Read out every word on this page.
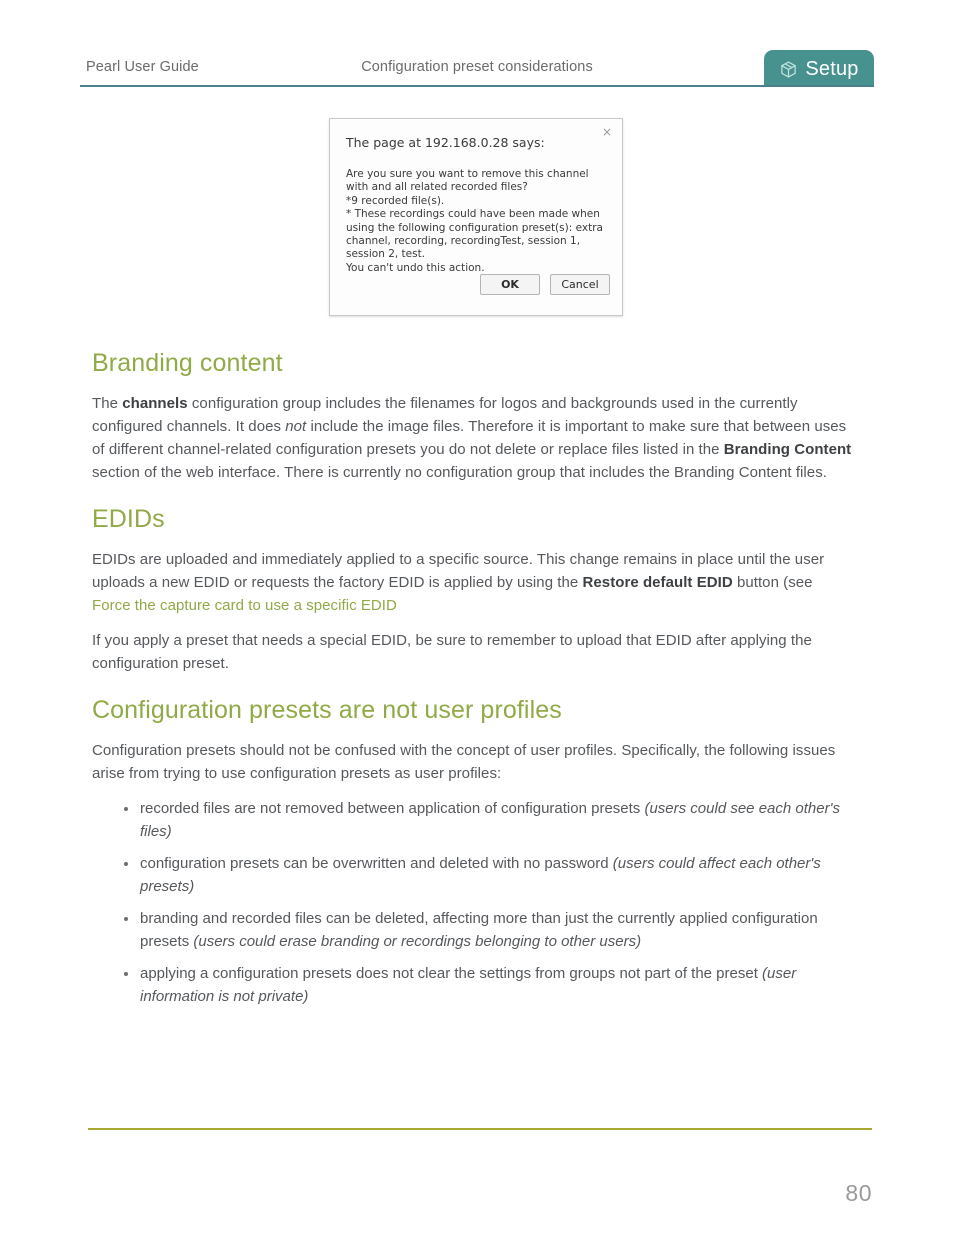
Pearl User Guide	Configuration preset considerations	Setup
The page at 192.168.0.28 says:
×
Are you sure you want to remove this channel with and all related recorded files?
*9 recorded file(s).
* These recordings could have been made when using the following configuration preset(s): extra channel, recording, recordingTest, session 1, session 2, test.
You can't undo this action.
OK	Cancel
Branding content

The channels configuration group includes the filenames for logos and backgrounds used in the currently configured channels. It does not include the image files. Therefore it is important to make sure that between uses of different channel-related configuration presets you do not delete or replace files listed in the Branding Content section of the web interface. There is currently no configuration group that includes the Branding Content files.

EDIDs

EDIDs are uploaded and immediately applied to a specific source. This change remains in place until the user uploads a new EDID or requests the factory EDID is applied by using the Restore default EDID button (see
Force the capture card to use a specific EDID

If you apply a preset that needs a special EDID, be sure to remember to upload that EDID after applying the configuration preset.

Configuration presets are not user profiles

Configuration presets should not be confused with the concept of user profiles. Specifically, the following issues arise from trying to use configuration presets as user profiles:

recorded files are not removed between application of configuration presets (users could see each other's files)
configuration presets can be overwritten and deleted with no password (users could affect each other's presets)
branding and recorded files can be deleted, affecting more than just the currently applied configuration presets (users could erase branding or recordings belonging to other users)
applying a configuration presets does not clear the settings from groups not part of the preset (user information is not private)
80
